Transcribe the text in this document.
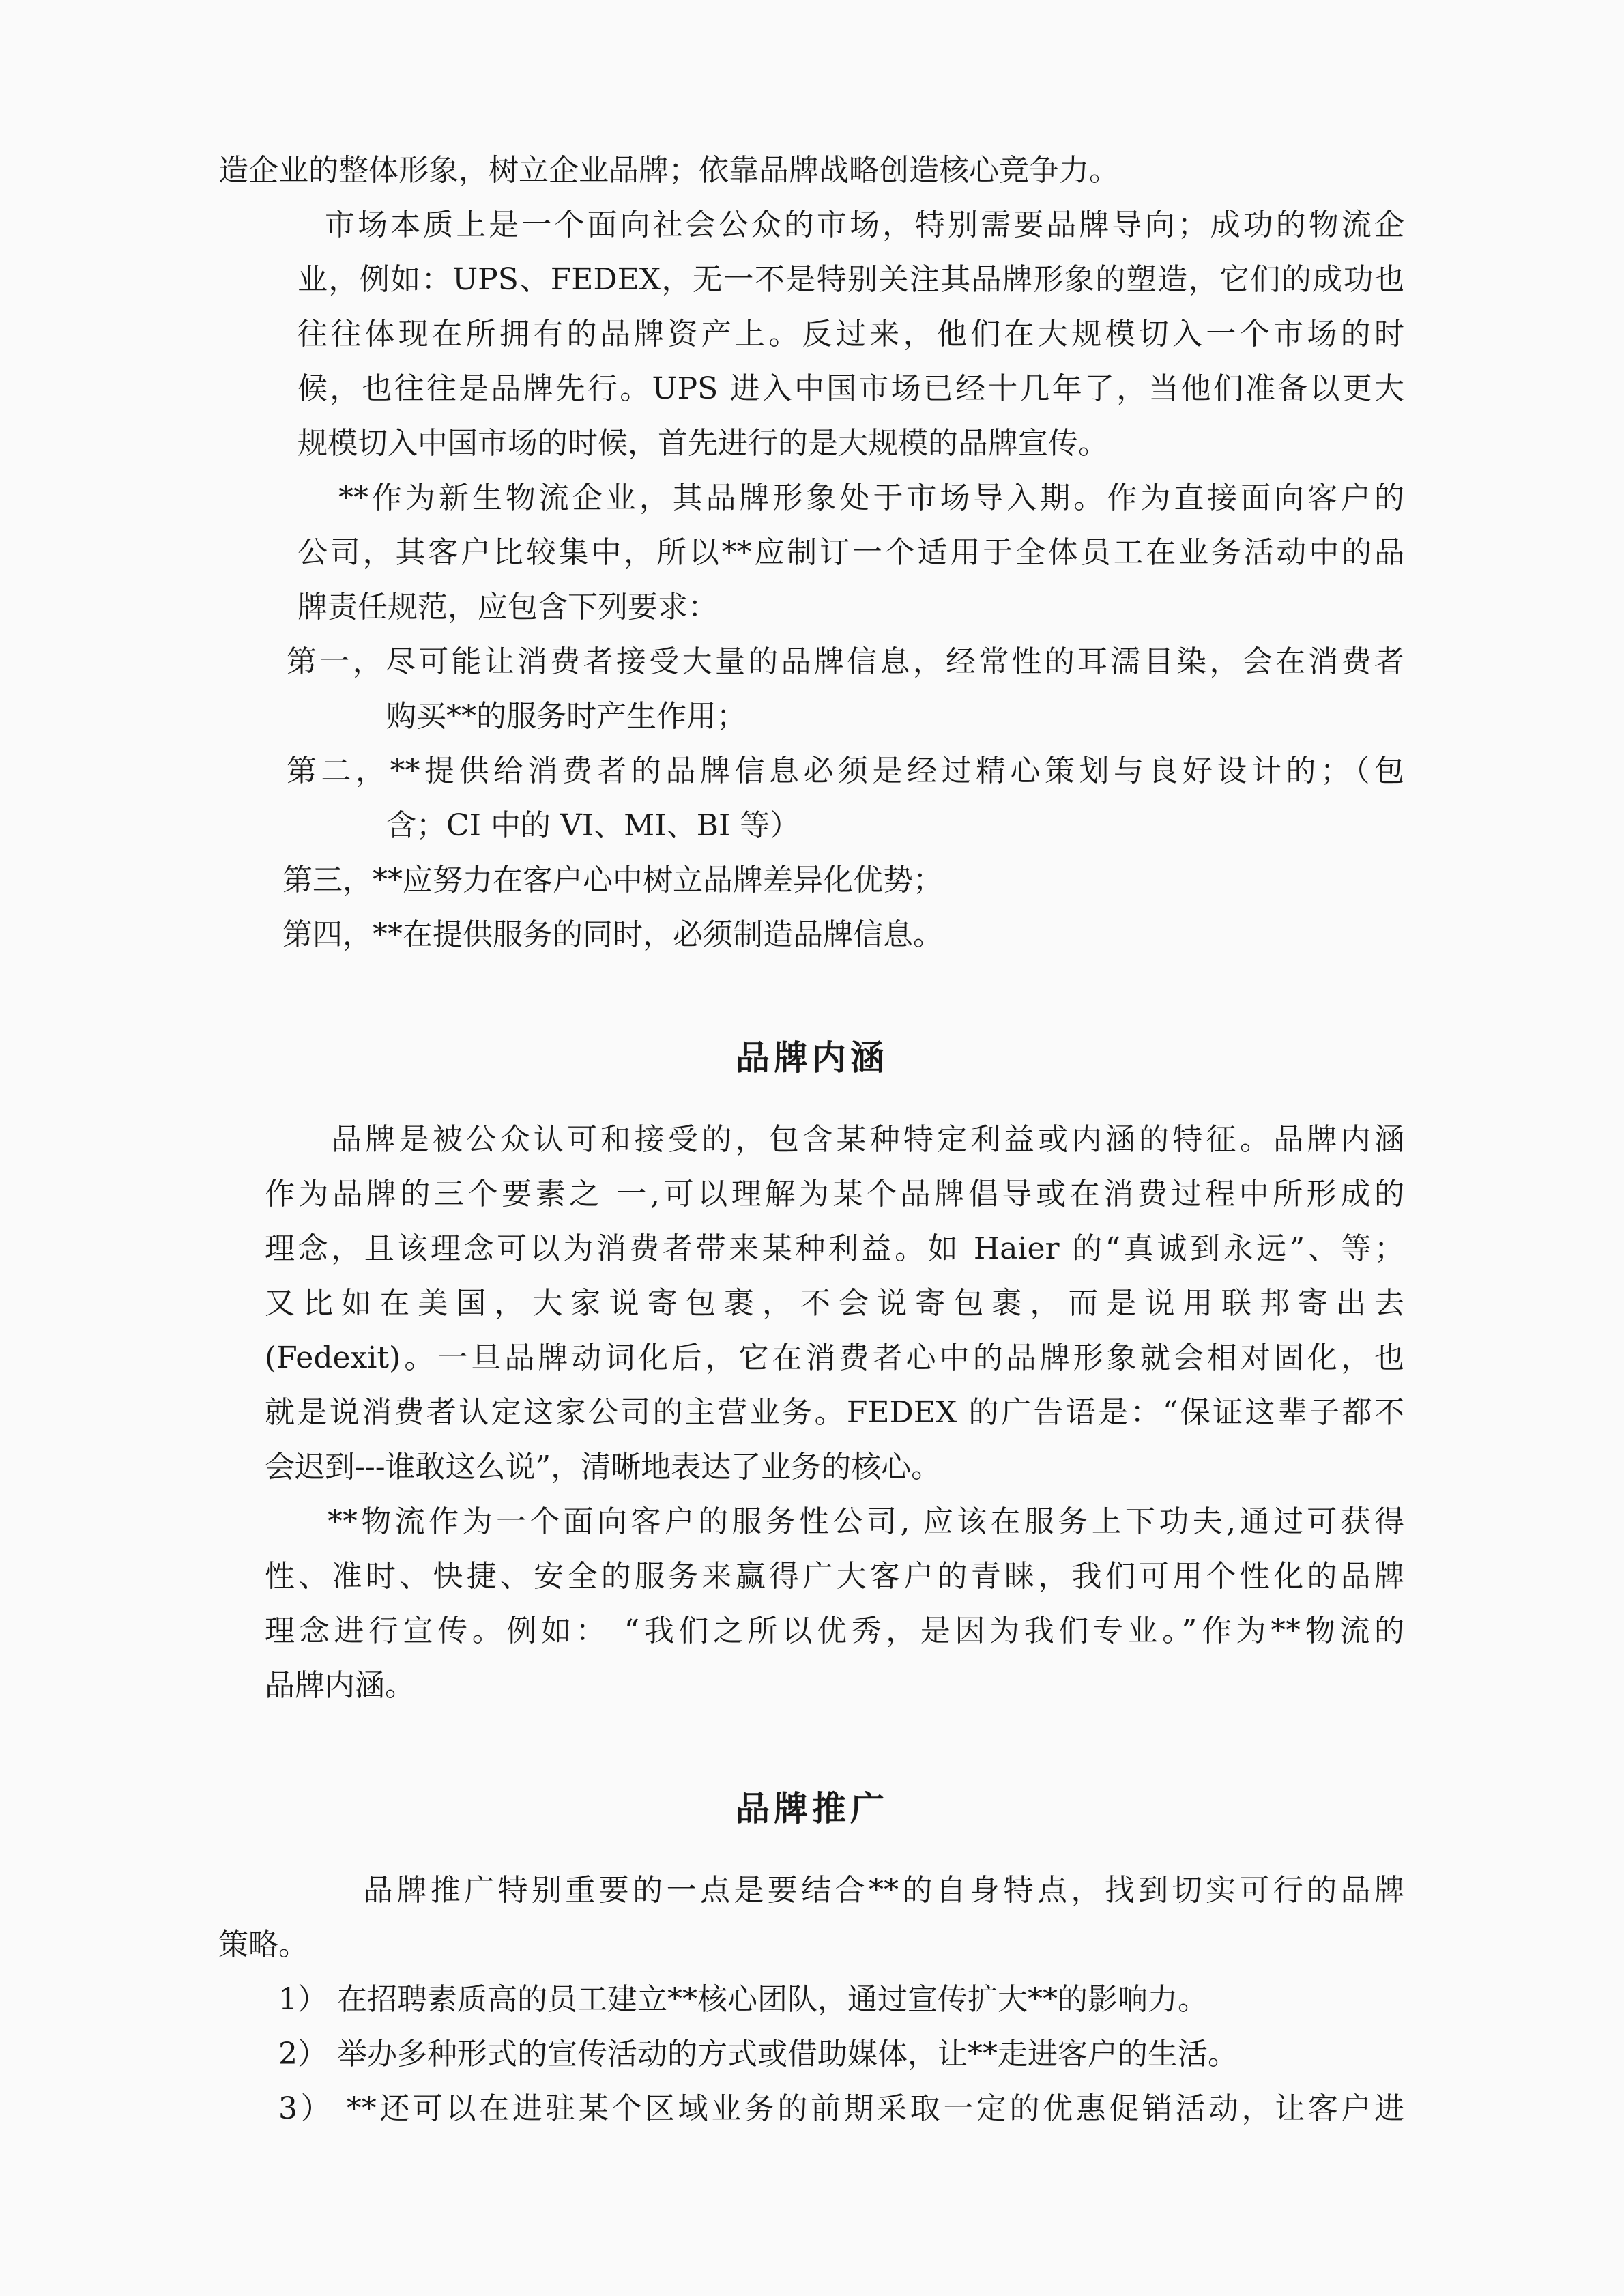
造企业的整体形象，树立企业品牌；依靠品牌战略创造核心竞争力。

市场本质上是一个面向社会公众的市场，特别需要品牌导向；成功的物流企

业，例如：UPS、FEDEX，无一不是特别关注其品牌形象的塑造，它们的成功也

往往体现在所拥有的品牌资产上。反过来，他们在大规模切入一个市场的时

候，也往往是品牌先行。UPS 进入中国市场已经十几年了，当他们准备以更大

规模切入中国市场的时候，首先进行的是大规模的品牌宣传。

**作为新生物流企业，其品牌形象处于市场导入期。作为直接面向客户的

公司，其客户比较集中，所以**应制订一个适用于全体员工在业务活动中的品

牌责任规范，应包含下列要求：

第一，尽可能让消费者接受大量的品牌信息，经常性的耳濡目染，会在消费者

购买**的服务时产生作用；

第二，**提供给消费者的品牌信息必须是经过精心策划与良好设计的；（包

含；CI 中的 VI、MI、BI 等）

第三，**应努力在客户心中树立品牌差异化优势；

第四，**在提供服务的同时，必须制造品牌信息。

品牌内涵

品牌是被公众认可和接受的，包含某种特定利益或内涵的特征。品牌内涵

作为品牌的三个要素之 一,可以理解为某个品牌倡导或在消费过程中所形成的

理念，且该理念可以为消费者带来某种利益。如 Haier 的“真诚到永远”、等；

又比如在美国，大家说寄包裹，不会说寄包裹，而是说用联邦寄出去

(Fedexit)。一旦品牌动词化后，它在消费者心中的品牌形象就会相对固化，也

就是说消费者认定这家公司的主营业务。FEDEX 的广告语是：“保证这辈子都不

会迟到---谁敢这么说”，清晰地表达了业务的核心。

**物流作为一个面向客户的服务性公司, 应该在服务上下功夫,通过可获得

性、准时、快捷、安全的服务来赢得广大客户的青睐，我们可用个性化的品牌

理念进行宣传。例如： “我们之所以优秀，是因为我们专业。”作为**物流的

品牌内涵。

品牌推广

品牌推广特别重要的一点是要结合**的自身特点，找到切实可行的品牌

策略。

1） 在招聘素质高的员工建立**核心团队，通过宣传扩大**的影响力。

2） 举办多种形式的宣传活动的方式或借助媒体，让**走进客户的生活。

3） **还可以在进驻某个区域业务的前期采取一定的优惠促销活动，让客户进
